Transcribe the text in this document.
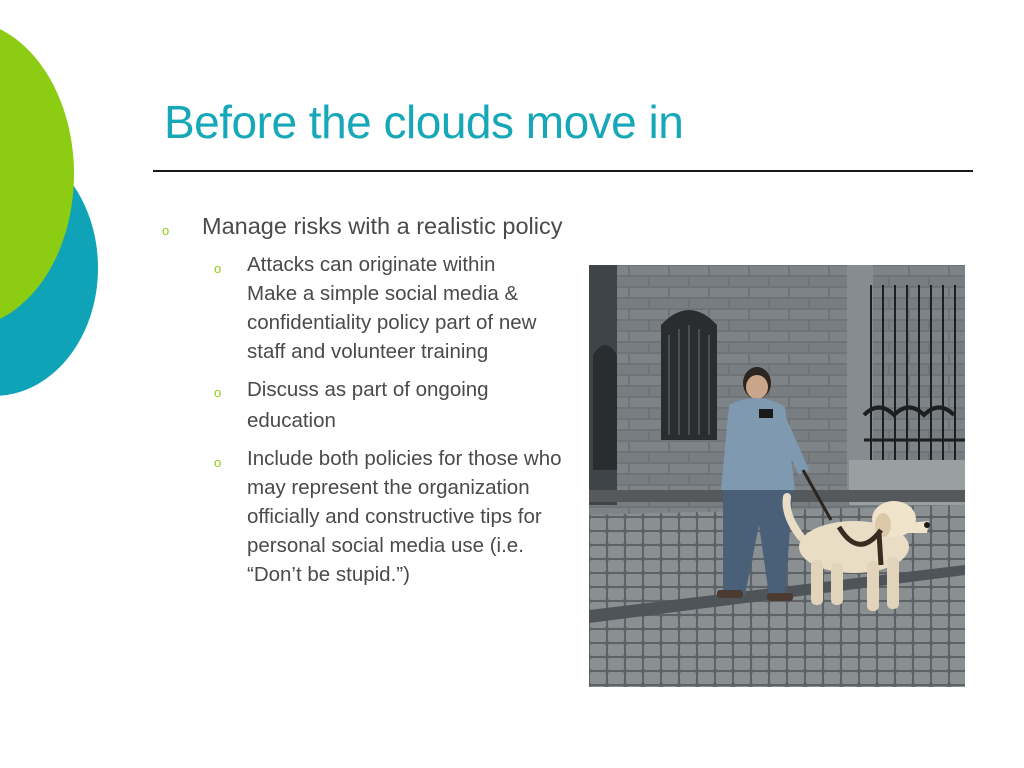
Before the clouds move in
o Manage risks with a realistic policy
o Attacks can originate within
Make a simple social media & confidentiality policy part of new staff and volunteer training
o Discuss as part of ongoing education
o Include both policies for those who may represent the organization officially and constructive tips for personal social media use (i.e. “Don’t be stupid.”)
